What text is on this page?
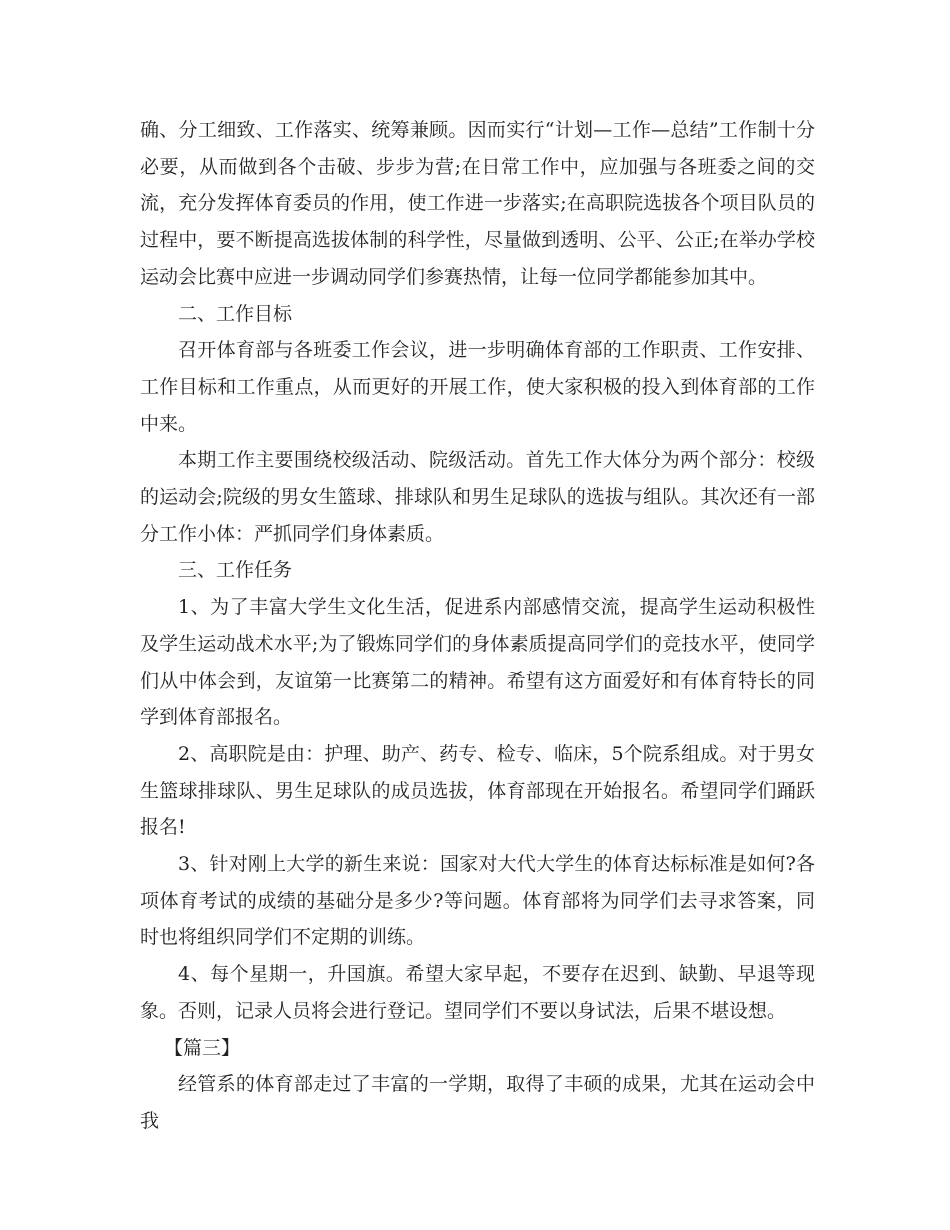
确、分工细致、工作落实、统筹兼顾。因而实行“计划—工作—总结”工作制十分必要，从而做到各个击破、步步为营;在日常工作中，应加强与各班委之间的交流，充分发挥体育委员的作用，使工作进一步落实;在高职院选拔各个项目队员的过程中，要不断提高选拔体制的科学性，尽量做到透明、公平、公正;在举办学校运动会比赛中应进一步调动同学们参赛热情，让每一位同学都能参加其中。

二、工作目标

召开体育部与各班委工作会议，进一步明确体育部的工作职责、工作安排、工作目标和工作重点，从而更好的开展工作，使大家积极的投入到体育部的工作中来。

本期工作主要围绕校级活动、院级活动。首先工作大体分为两个部分：校级的运动会;院级的男女生篮球、排球队和男生足球队的选拔与组队。其次还有一部分工作小体：严抓同学们身体素质。

三、工作任务

1、为了丰富大学生文化生活，促进系内部感情交流，提高学生运动积极性及学生运动战术水平;为了锻炼同学们的身体素质提高同学们的竞技水平，使同学们从中体会到，友谊第一比赛第二的精神。希望有这方面爱好和有体育特长的同学到体育部报名。

2、高职院是由：护理、助产、药专、检专、临床，5个院系组成。对于男女生篮球排球队、男生足球队的成员选拔，体育部现在开始报名。希望同学们踊跃报名!

3、针对刚上大学的新生来说：国家对大代大学生的体育达标标准是如何?各项体育考试的成绩的基础分是多少?等问题。体育部将为同学们去寻求答案，同时也将组织同学们不定期的训练。

4、每个星期一，升国旗。希望大家早起，不要存在迟到、缺勤、早退等现象。否则，记录人员将会进行登记。望同学们不要以身试法，后果不堪设想。

【篇三】

经管系的体育部走过了丰富的一学期，取得了丰硕的成果，尤其在运动会中我
